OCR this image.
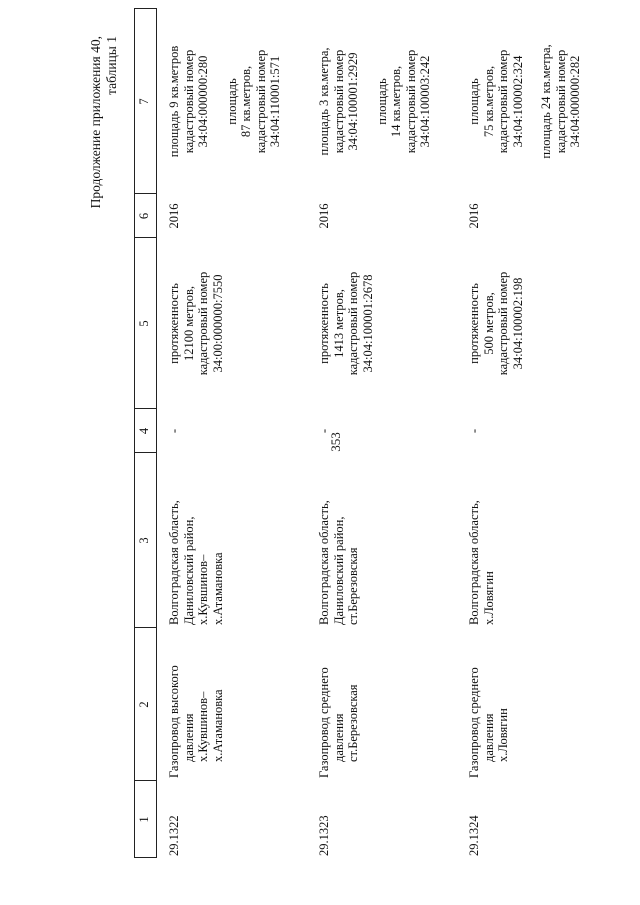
353
Продолжение приложения 40, таблицы 1
1
2
3
4
5
6
7
29.1322
Газопровод высокого давления х.Кувшинов– х.Атамановка
Волгоградская область, Даниловский район, х.Кувшинов– х.Атамановка
-
протяженность 12100 метров, кадастровый номер 34:00:000000:7550
2016
площадь 9 кв.метров кадастровый номер 34:04:000000:280 площадь 87 кв.метров, кадастровый номер 34:04:110001:571
29.1323
Газопровод среднего давления ст.Березовская
Волгоградская область, Даниловский район, ст.Березовская
-
протяженность 1413 метров, кадастровый номер 34:04:100001:2678
2016
площадь 3 кв.метра, кадастровый номер 34:04:100001:2929 площадь 14 кв.метров, кадастровый номер 34:04:100003:242
29.1324
Газопровод среднего давления х.Ловягин
Волгоградская область, х.Ловягин
-
протяженность 500 метров, кадастровый номер 34:04:100002:198
2016
площадь 75 кв.метров, кадастровый номер 34:04:100002:324 площадь 24 кв.метра, кадастровый номер 34:04:000000:282
